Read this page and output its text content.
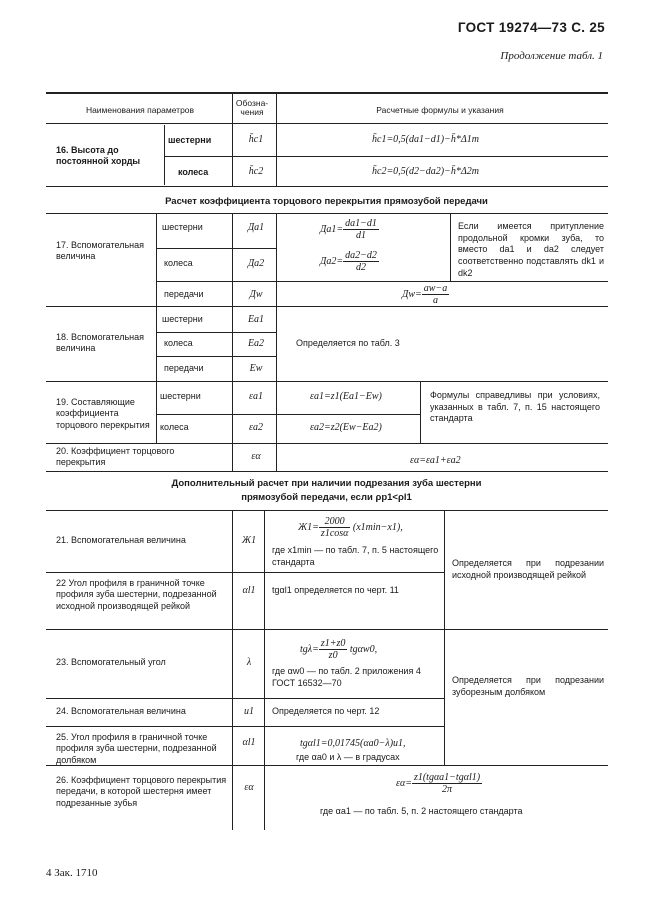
ГОСТ 19274—73 С. 25
Продолжение табл. 1
Наименования параметров
Обозна-
чения	Расчетные формулы и указания
16. Высота до постоянной хорды
шестерни	h̄c1	h̄c1=0,5(da1−d1)−h̄*Δ1m
колеса	h̄c2	h̄c2=0,5(d2−da2)−h̄*Δ2m
Расчет коэффициента торцового перекрытия прямозубой передачи
17. Вспомогательная величина
шестерни	Дa1	$Дa1= \frac{da1-d1}{d1}$
колеса	Дa2	$Дa2= \frac{da2-d2}{d2}$
передачи	Дw	$Дw= \frac{aw-a}{a}$
Если имеется притупление продольной кромки зуба, то вместо da1 и da2 следует соответственно подставлять dk1 и dk2
18. Вспомогательная величина
шестерни	Ea1
колеса	Ea2
передачи	Ew
Определяется по табл. 3
19. Составляющие коэффициента торцового перекрытия
шестерни	εa1	εa1=z1(Ea1−Ew)
колеса	εa2	εa2=z2(Ew−Ea2)
Формулы справедливы при условиях, указанных в табл. 7, п. 15 настоящего стандарта
20. Коэффициент торцового перекрытия
εα	εα=εa1+εa2
Дополнительный расчет при наличии подрезания зуба шестерни
прямозубой передачи, если ρp1<ρl1
21. Вспомогательная величина	Ж1
$Ж1= \frac{2000}{z1\cos\alpha} (x1\min-x1)$,
где x1min — по табл. 7, п. 5 настоящего стандарта	Определяется при подрезании исходной производящей рейкой
22 Угол профиля в граничной точке профиля зуба шестерни, подрезанной исходной производящей рейкой
αl1	tgαl1 определяется по черт. 11
23. Вспомогательный угол	λ
$tg\lambda= \frac{z1+z0}{z0} tg\alpha w0$,
где αw0 — по табл. 2 приложения 4 ГОСТ 16532—70	Определяется при подрезании зуборезным долбяком
24. Вспомогательная величина	u1	Определяется по черт. 12
25. Угол профиля в граничной точке профиля зуба шестерни, подрезанной долбяком
αl1	tgαl1=0,01745(αa0−λ)u1,
где αa0 и λ — в градусах
26. Коэффициент торцового перекрытия передачи, в которой шестерня имеет подрезанные зубья
εα	$\varepsilon\alpha= \frac{\text{z1(tgαa1−tgαl1)}}{2\pi}$
где αa1 — по табл. 5, п. 2 настоящего стандарта
4 Зак. 1710
